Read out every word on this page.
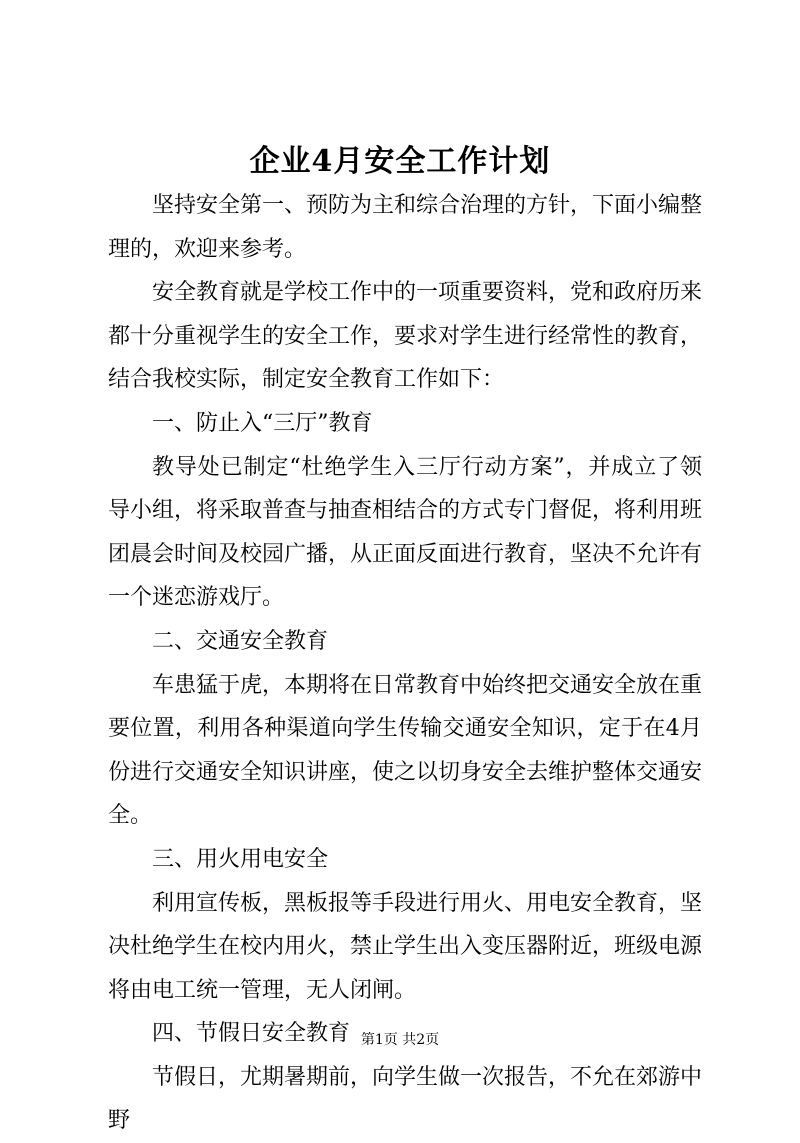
企业4月安全工作计划

坚持安全第一、预防为主和综合治理的方针，下面小编整理的，欢迎来参考。

安全教育就是学校工作中的一项重要资料，党和政府历来都十分重视学生的安全工作，要求对学生进行经常性的教育，结合我校实际，制定安全教育工作如下：

一、防止入“三厅”教育

教导处已制定“杜绝学生入三厅行动方案”，并成立了领导小组，将采取普查与抽查相结合的方式专门督促，将利用班团晨会时间及校园广播，从正面反面进行教育，坚决不允许有一个迷恋游戏厅。

二、交通安全教育

车患猛于虎，本期将在日常教育中始终把交通安全放在重要位置，利用各种渠道向学生传输交通安全知识，定于在4月份进行交通安全知识讲座，使之以切身安全去维护整体交通安全。

三、用火用电安全

利用宣传板，黑板报等手段进行用火、用电安全教育，坚决杜绝学生在校内用火，禁止学生出入变压器附近，班级电源将由电工统一管理，无人闭闸。

四、节假日安全教育

节假日，尤期暑期前，向学生做一次报告，不允在郊游中野

第1页 共2页
